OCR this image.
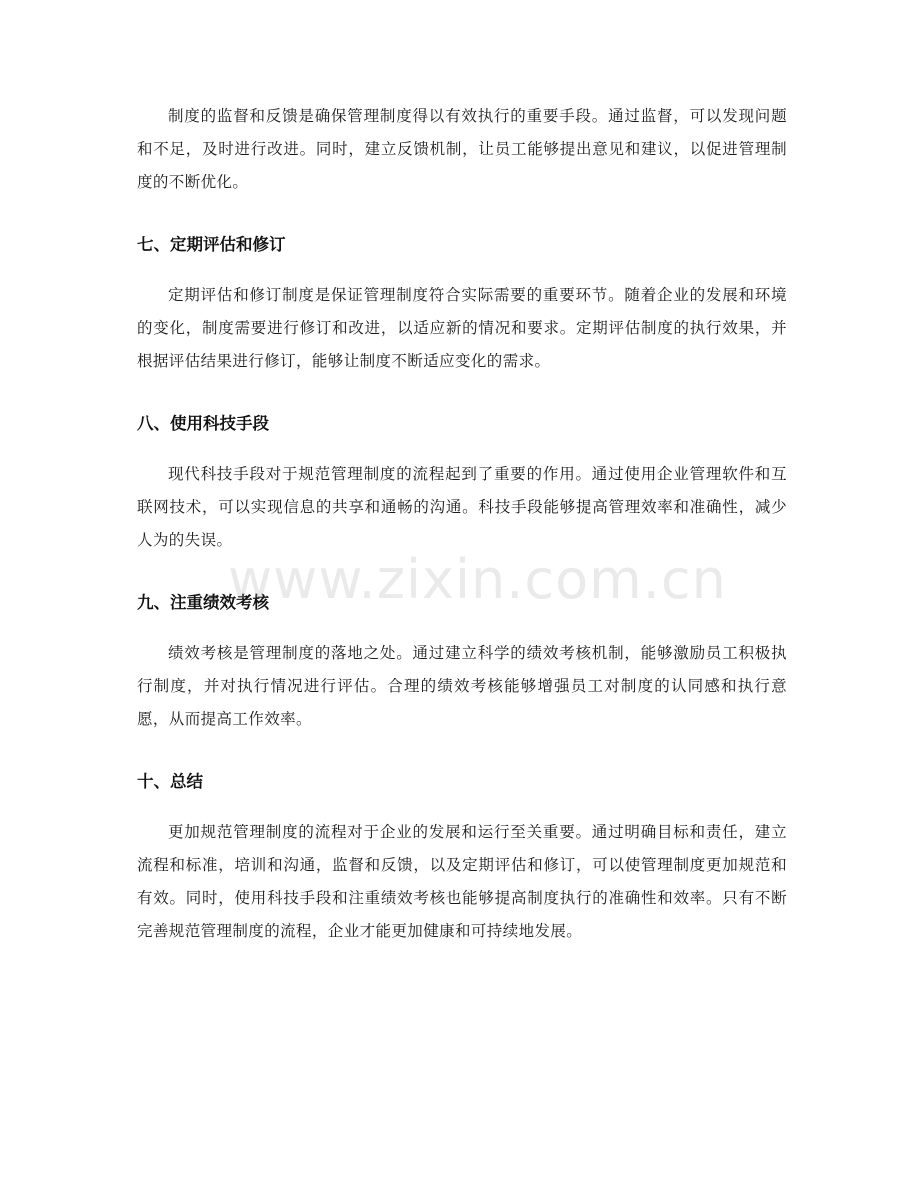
制度的监督和反馈是确保管理制度得以有效执行的重要手段。通过监督，可以发现问题和不足，及时进行改进。同时，建立反馈机制，让员工能够提出意见和建议，以促进管理制度的不断优化。

七、定期评估和修订

定期评估和修订制度是保证管理制度符合实际需要的重要环节。随着企业的发展和环境的变化，制度需要进行修订和改进，以适应新的情况和要求。定期评估制度的执行效果，并根据评估结果进行修订，能够让制度不断适应变化的需求。

八、使用科技手段

现代科技手段对于规范管理制度的流程起到了重要的作用。通过使用企业管理软件和互联网技术，可以实现信息的共享和通畅的沟通。科技手段能够提高管理效率和准确性，减少人为的失误。

九、注重绩效考核

绩效考核是管理制度的落地之处。通过建立科学的绩效考核机制，能够激励员工积极执行制度，并对执行情况进行评估。合理的绩效考核能够增强员工对制度的认同感和执行意愿，从而提高工作效率。

十、总结

更加规范管理制度的流程对于企业的发展和运行至关重要。通过明确目标和责任，建立流程和标准，培训和沟通，监督和反馈，以及定期评估和修订，可以使管理制度更加规范和有效。同时，使用科技手段和注重绩效考核也能够提高制度执行的准确性和效率。只有不断完善规范管理制度的流程，企业才能更加健康和可持续地发展。

www.zixin.com.cn
